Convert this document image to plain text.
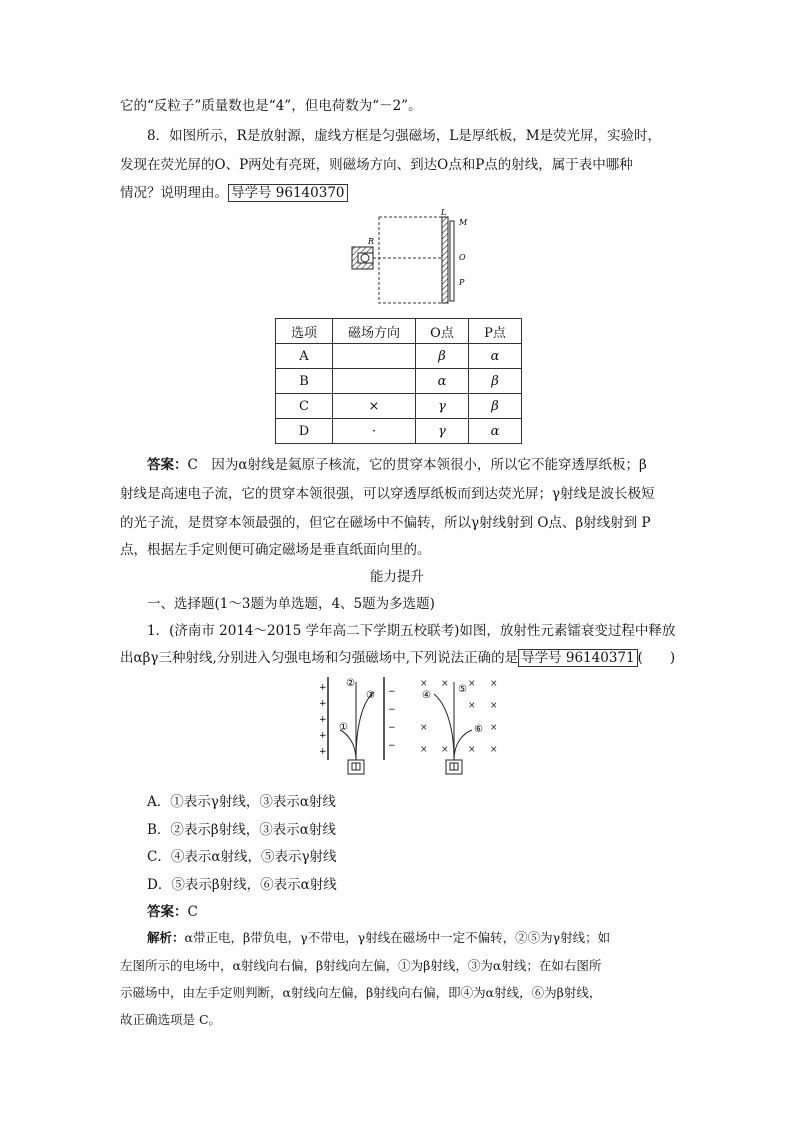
它的“反粒子”质量数也是“4”，但电荷数为“－2”。
8．如图所示，R是放射源，虚线方框是匀强磁场，L是厚纸板，M是荧光屏，实验时，
发现在荧光屏的O、P两处有亮斑，则磁场方向、到达O点和P点的射线，属于表中哪种
情况？说明理由。 导学号 96140370
L
M
R
O
P
选项	磁场方向	O点	P点
A		β	α
B		α	β
C	×	γ	β
D	·	γ	α
答案：C　因为α射线是氦原子核流，它的贯穿本领很小，所以它不能穿透厚纸板；β
射线是高速电子流，它的贯穿本领很强，可以穿透厚纸板而到达荧光屏；γ射线是波长极短
的光子流，是贯穿本领最强的，但它在磁场中不偏转，所以γ射线射到 O点、β射线射到 P
点，根据左手定则便可确定磁场是垂直纸面向里的。
能力提升
一、选择题(1～3题为单选题，4、5题为多选题)
1．(济南市 2014～2015 学年高二下学期五校联考)如图，放射性元素镭衰变过程中释放
出αβγ三种射线,分别进入匀强电场和匀强磁场中,下列说法正确的是 导学号 96140371 (　　)
+
+
+
+
+
−
−
−
−
①
②
③
× × × ×
× ×
×	×
× × × ×
④
⑤
⑥
A．①表示γ射线，③表示α射线
B．②表示β射线，③表示α射线
C．④表示α射线，⑤表示γ射线
D．⑤表示β射线，⑥表示α射线
答案：C
解析：α带正电，β带负电，γ不带电，γ射线在磁场中一定不偏转，②⑤为γ射线；如
左图所示的电场中，α射线向右偏，β射线向左偏，①为β射线，③为α射线；在如右图所
示磁场中，由左手定则判断，α射线向左偏，β射线向右偏，即④为α射线，⑥为β射线，
故正确选项是 C。
